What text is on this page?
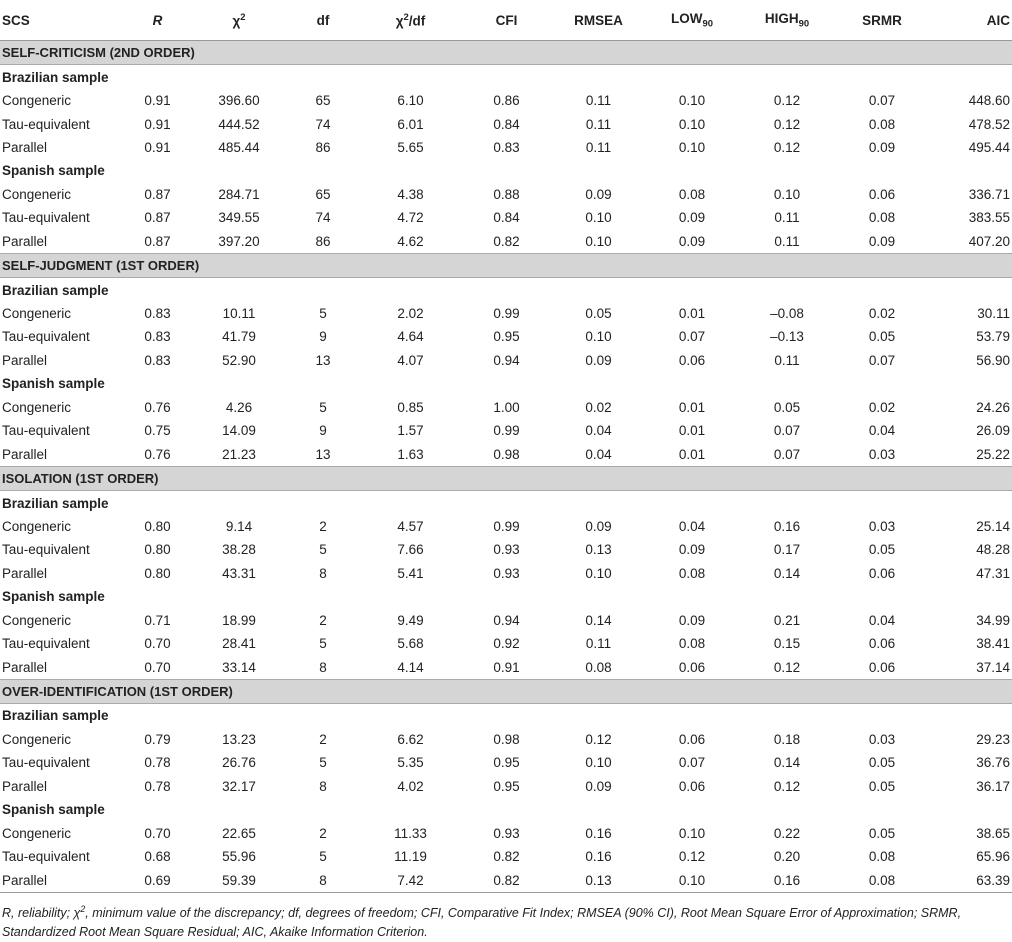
SCS	R	$\chi^2$	df	$\chi^2/df$	CFI	RMSEA	$LOW_{90}$	$HIGH_{90}$	SRMR	AIC
SELF-CRITICISM (2ND ORDER)										
Brazilian sample										
Congeneric	0.91	396.60	65	6.10	0.86	0.11	0.10	0.12	0.07	448.60
Tau-equivalent	0.91	444.52	74	6.01	0.84	0.11	0.10	0.12	0.08	478.52
Parallel	0.91	485.44	86	5.65	0.83	0.11	0.10	0.12	0.09	495.44
Spanish sample										
Congeneric	0.87	284.71	65	4.38	0.88	0.09	0.08	0.10	0.06	336.71
Tau-equivalent	0.87	349.55	74	4.72	0.84	0.10	0.09	0.11	0.08	383.55
Parallel	0.87	397.20	86	4.62	0.82	0.10	0.09	0.11	0.09	407.20
SELF-JUDGMENT (1ST ORDER)										
Brazilian sample										
Congeneric	0.83	10.11	5	2.02	0.99	0.05	0.01	–0.08	0.02	30.11
Tau-equivalent	0.83	41.79	9	4.64	0.95	0.10	0.07	–0.13	0.05	53.79
Parallel	0.83	52.90	13	4.07	0.94	0.09	0.06	0.11	0.07	56.90
Spanish sample										
Congeneric	0.76	4.26	5	0.85	1.00	0.02	0.01	0.05	0.02	24.26
Tau-equivalent	0.75	14.09	9	1.57	0.99	0.04	0.01	0.07	0.04	26.09
Parallel	0.76	21.23	13	1.63	0.98	0.04	0.01	0.07	0.03	25.22
ISOLATION (1ST ORDER)										
Brazilian sample										
Congeneric	0.80	9.14	2	4.57	0.99	0.09	0.04	0.16	0.03	25.14
Tau-equivalent	0.80	38.28	5	7.66	0.93	0.13	0.09	0.17	0.05	48.28
Parallel	0.80	43.31	8	5.41	0.93	0.10	0.08	0.14	0.06	47.31
Spanish sample										
Congeneric	0.71	18.99	2	9.49	0.94	0.14	0.09	0.21	0.04	34.99
Tau-equivalent	0.70	28.41	5	5.68	0.92	0.11	0.08	0.15	0.06	38.41
Parallel	0.70	33.14	8	4.14	0.91	0.08	0.06	0.12	0.06	37.14
OVER-IDENTIFICATION (1ST ORDER)										
Brazilian sample										
Congeneric	0.79	13.23	2	6.62	0.98	0.12	0.06	0.18	0.03	29.23
Tau-equivalent	0.78	26.76	5	5.35	0.95	0.10	0.07	0.14	0.05	36.76
Parallel	0.78	32.17	8	4.02	0.95	0.09	0.06	0.12	0.05	36.17
Spanish sample										
Congeneric	0.70	22.65	2	11.33	0.93	0.16	0.10	0.22	0.05	38.65
Tau-equivalent	0.68	55.96	5	11.19	0.82	0.16	0.12	0.20	0.08	65.96
Parallel	0.69	59.39	8	7.42	0.82	0.13	0.10	0.16	0.08	63.39
R, reliability; $\chi^2$, minimum value of the discrepancy; df, degrees of freedom; CFI, Comparative Fit Index; RMSEA (90% CI), Root Mean Square Error of Approximation; SRMR, Standardized Root Mean Square Residual; AIC, Akaike Information Criterion.
